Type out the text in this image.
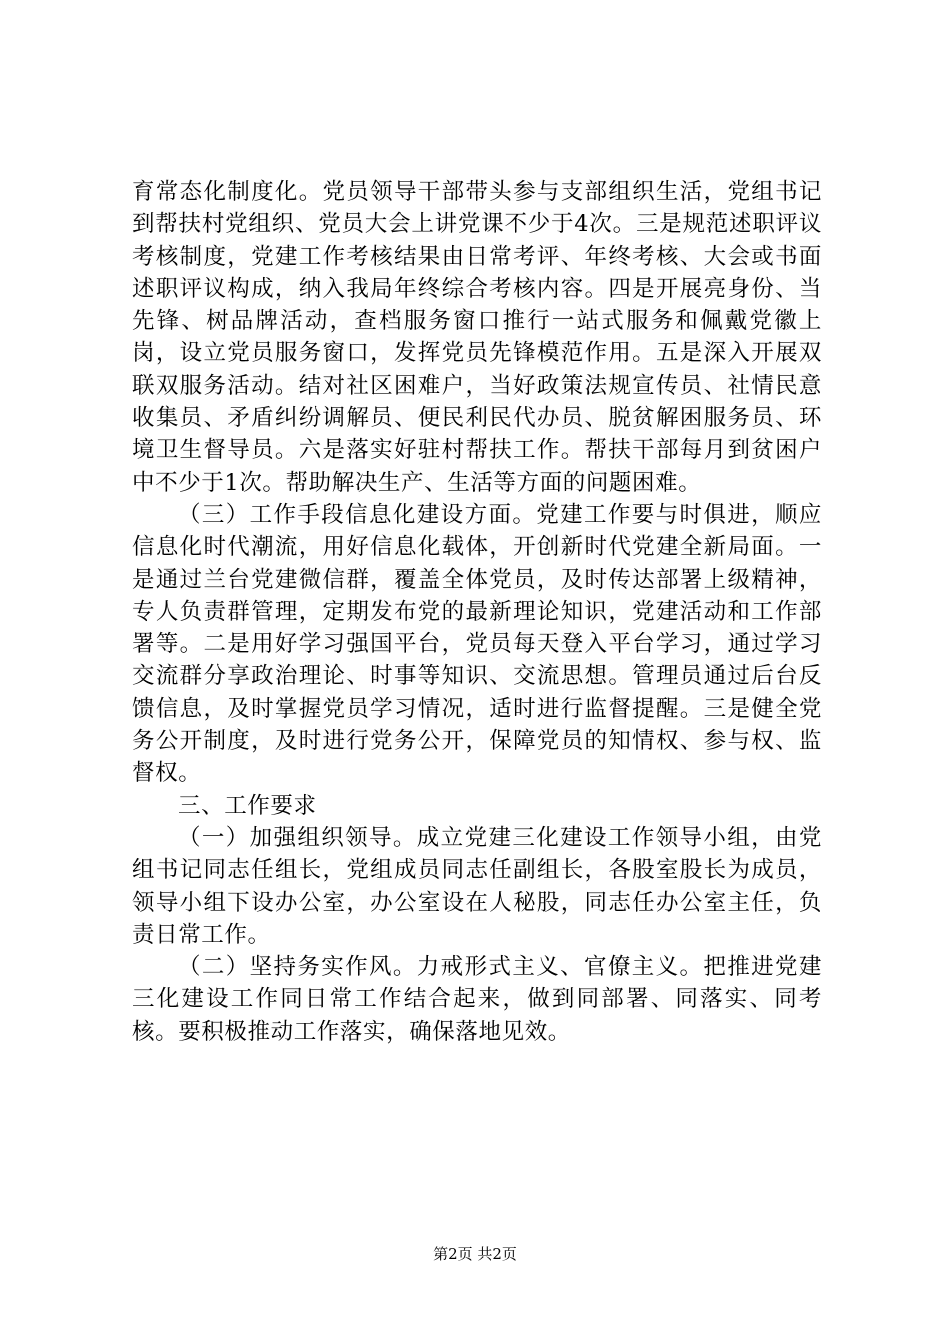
育常态化制度化。党员领导干部带头参与支部组织生活，党组书记到帮扶村党组织、党员大会上讲党课不少于4次。三是规范述职评议考核制度，党建工作考核结果由日常考评、年终考核、大会或书面述职评议构成，纳入我局年终综合考核内容。四是开展亮身份、当先锋、树品牌活动，查档服务窗口推行一站式服务和佩戴党徽上岗，设立党员服务窗口，发挥党员先锋模范作用。五是深入开展双联双服务活动。结对社区困难户，当好政策法规宣传员、社情民意收集员、矛盾纠纷调解员、便民利民代办员、脱贫解困服务员、环境卫生督导员。六是落实好驻村帮扶工作。帮扶干部每月到贫困户中不少于1次。帮助解决生产、生活等方面的问题困难。

（三）工作手段信息化建设方面。党建工作要与时俱进，顺应信息化时代潮流，用好信息化载体，开创新时代党建全新局面。一是通过兰台党建微信群，覆盖全体党员，及时传达部署上级精神，专人负责群管理，定期发布党的最新理论知识，党建活动和工作部署等。二是用好学习强国平台，党员每天登入平台学习，通过学习交流群分享政治理论、时事等知识、交流思想。管理员通过后台反馈信息，及时掌握党员学习情况，适时进行监督提醒。三是健全党务公开制度，及时进行党务公开，保障党员的知情权、参与权、监督权。

三、工作要求

（一）加强组织领导。成立党建三化建设工作领导小组，由党组书记同志任组长，党组成员同志任副组长，各股室股长为成员，领导小组下设办公室，办公室设在人秘股，同志任办公室主任，负责日常工作。

（二）坚持务实作风。力戒形式主义、官僚主义。把推进党建三化建设工作同日常工作结合起来，做到同部署、同落实、同考核。要积极推动工作落实，确保落地见效。

第2页 共2页
